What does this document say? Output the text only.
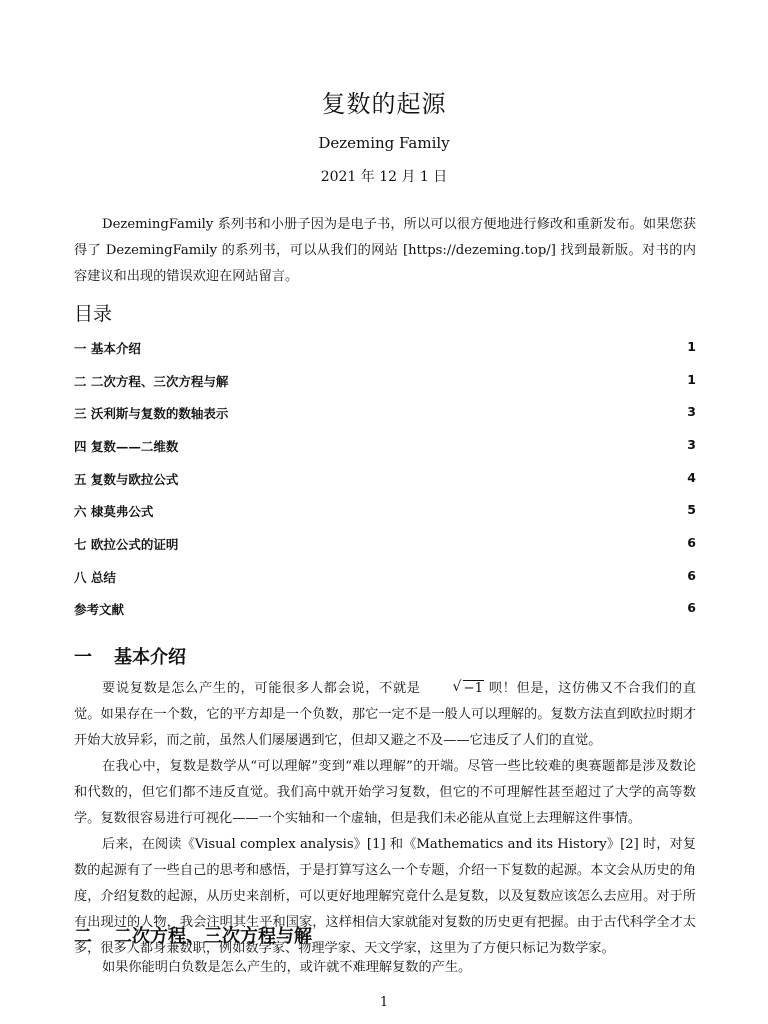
复数的起源
Dezeming Family
2021 年 12 月 1 日
DezemingFamily 系列书和小册子因为是电子书，所以可以很方便地进行修改和重新发布。如果您获得了 DezemingFamily 的系列书，可以从我们的网站 [https://dezeming.top/] 找到最新版。对书的内容建议和出现的错误欢迎在网站留言。
目录
一 基本介绍	1
二 二次方程、三次方程与解	1
三 沃利斯与复数的数轴表示	3
四 复数——二维数	3
五 复数与欧拉公式	4
六 棣莫弗公式	5
七 欧拉公式的证明	6
八 总结	6
参考文献	6
一 基本介绍

要说复数是怎么产生的，可能很多人都会说，不就是	√ −1 呗！但是，这仿佛又不合我们的直觉。如果存在一个数，它的平方却是一个负数，那它一定不是一般人可以理解的。复数方法直到欧拉时期才开始大放异彩，而之前，虽然人们屡屡遇到它，但却又避之不及——它违反了人们的直觉。

在我心中，复数是数学从“可以理解”变到“难以理解”的开端。尽管一些比较难的奥赛题都是涉及数论和代数的，但它们都不违反直觉。我们高中就开始学习复数，但它的不可理解性甚至超过了大学的高等数学。复数很容易进行可视化——一个实轴和一个虚轴，但是我们未必能从直觉上去理解这件事情。

后来，在阅读《Visual complex analysis》[1] 和《Mathematics and its History》[2] 时，对复数的起源有了一些自己的思考和感悟，于是打算写这么一个专题，介绍一下复数的起源。本文会从历史的角度，介绍复数的起源，从历史来剖析，可以更好地理解究竟什么是复数，以及复数应该怎么去应用。对于所有出现过的人物，我会注明其生平和国家，这样相信大家就能对复数的历史更有把握。由于古代科学全才太多，很多人都身兼数职，例如数学家、物理学家、天文学家，这里为了方便只标记为数学家。

二 二次方程、三次方程与解

如果你能明白负数是怎么产生的，或许就不难理解复数的产生。

1
